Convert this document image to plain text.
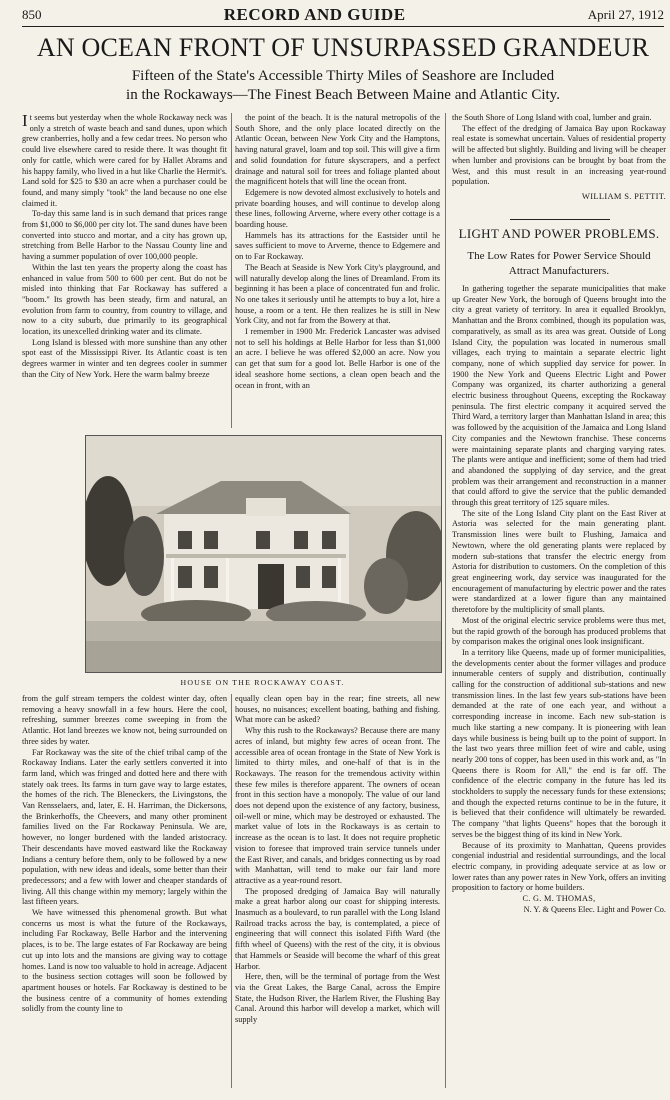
850	RECORD AND GUIDE	April 27, 1912
AN OCEAN FRONT OF UNSURPASSED GRANDEUR
Fifteen of the State's Accessible Thirty Miles of Seashore are Included
in the Rockaways—The Finest Beach Between Maine and Atlantic City.

It seems but yesterday when the whole Rockaway neck was only a stretch of waste beach and sand dunes, upon which grew cranberries, holly and a few cedar trees. No person who could live elsewhere cared to reside there. It was thought fit only for cattle, which were cared for by Hallet Abrams and his happy family, who lived in a hut like Charlie the Hermit's. Land sold for $25 to $30 an acre when a purchaser could be found, and many simply "took" the land because no one else claimed it.

To-day this same land is in such demand that prices range from $1,000 to $6,000 per city lot. The sand dunes have been converted into stucco and mortar, and a city has grown up, stretching from Belle Harbor to the Nassau County line and having a summer population of over 100,000 people.

Within the last ten years the property along the coast has enhanced in value from 500 to 600 per cent. But do not be misled into thinking that Far Rockaway has suffered a "boom." Its growth has been steady, firm and natural, an evolution from farm to country, from country to village, and now to a city suburb, due primarily to its geographical location, its unexcelled drinking water and its climate.

Long Island is blessed with more sunshine than any other spot east of the Mississippi River. Its Atlantic coast is ten degrees warmer in winter and ten degrees cooler in summer than the City of New York. Here the warm balmy breeze

the point of the beach. It is the natural metropolis of the South Shore, and the only place located directly on the Atlantic Ocean, between New York City and the Hamptons, having natural gravel, loam and top soil. This will give a firm and solid foundation for future skyscrapers, and a perfect drainage and natural soil for trees and foliage planted about the magnificent hotels that will line the ocean front.

Edgemere is now devoted almost exclusively to hotels and private boarding houses, and will continue to develop along these lines, following Arverne, where every other cottage is a boarding house.

Hammels has its attractions for the Eastsider until he saves sufficient to move to Arverne, thence to Edgemere and on to Far Rockaway.

The Beach at Seaside is New York City's playground, and will naturally develop along the lines of Dreamland. From its beginning it has been a place of concentrated fun and frolic. No one takes it seriously until he attempts to buy a lot, hire a house, a room or a tent. He then realizes he is still in New York City, and not far from the Bowery at that.

I remember in 1900 Mr. Frederick Lancaster was advised not to sell his holdings at Belle Harbor for less than $1,000 an acre. I believe he was offered $2,000 an acre. Now you can get that sum for a good lot. Belle Harbor is one of the ideal seashore home sections, a clean open beach and the ocean in front, with an

HOUSE ON THE ROCKAWAY COAST.

from the gulf stream tempers the coldest winter day, often removing a heavy snowfall in a few hours. Here the cool, refreshing, summer breezes come sweeping in from the Atlantic. Hot land breezes we know not, being surrounded on three sides by water.

Far Rockaway was the site of the chief tribal camp of the Rockaway Indians. Later the early settlers converted it into farm land, which was fringed and dotted here and there with stately oak trees. Its farms in turn gave way to large estates, the homes of the rich. The Bleneckers, the Livingstons, the Van Rensselaers, and, later, E. H. Harriman, the Dickersons, the Brinkerhoffs, the Cheevers, and many other prominent families lived on the Far Rockaway Peninsula. We are, however, no longer burdened with the landed aristocracy. Their descendants have moved eastward like the Rockaway Indians a century before them, only to be followed by a new population, with new ideas and ideals, some better than their predecessors; and a few with lower and cheaper standards of living. All this change within my memory; largely within the last fifteen years.

We have witnessed this phenomenal growth. But what concerns us most is what the future of the Rockaways, including Far Rockaway, Belle Harbor and the intervening places, is to be. The large estates of Far Rockaway are being cut up into lots and the mansions are giving way to cottage homes. Land is now too valuable to hold in acreage. Adjacent to the business section cottages will soon be followed by apartment houses or hotels. Far Rockaway is destined to be the business centre of a community of homes extending solidly from the county line to

equally clean open bay in the rear; fine streets, all new houses, no nuisances; excellent boating, bathing and fishing. What more can be asked?

Why this rush to the Rockaways? Because there are many acres of inland, but mighty few acres of ocean front. The accessible area of ocean frontage in the State of New York is limited to thirty miles, and one-half of that is in the Rockaways. The reason for the tremendous activity within these few miles is therefore apparent. The owners of ocean front in this section have a monopoly. The value of our land does not depend upon the existence of any factory, business, oil-well or mine, which may be destroyed or exhausted. The market value of lots in the Rockaways is as certain to increase as the ocean is to last. It does not require prophetic vision to foresee that improved train service tunnels under the East River, and canals, and bridges connecting us by road with Manhattan, will tend to make our fair land more attractive as a year-round resort.

The proposed dredging of Jamaica Bay will naturally make a great harbor along our coast for shipping interests. Inasmuch as a boulevard, to run parallel with the Long Island Railroad tracks across the bay, is contemplated, a piece of engineering that will connect this isolated Fifth Ward (the fifth wheel of Queens) with the rest of the city, it is obvious that Hammels or Seaside will become the wharf of this great Harbor.

Here, then, will be the terminal of portage from the West via the Great Lakes, the Barge Canal, across the Empire State, the Hudson River, the Harlem River, the Flushing Bay Canal. Around this harbor will develop a market, which will supply

the South Shore of Long Island with coal, lumber and grain.

The effect of the dredging of Jamaica Bay upon Rockaway real estate is somewhat uncertain. Values of residential property will be affected but slightly. Building and living will be cheaper when lumber and provisions can be brought by boat from the West, and this must result in an increasing year-round population.

WILLIAM S. PETTIT.

LIGHT AND POWER PROBLEMS.
The Low Rates for Power Service Should
Attract Manufacturers.

In gathering together the separate municipalities that make up Greater New York, the borough of Queens brought into the city a great variety of territory. In area it equalled Brooklyn, Manhattan and the Bronx combined, though its population was, comparatively, as small as its area was great. Outside of Long Island City, the population was located in numerous small villages, each trying to maintain a separate electric light company, none of which supplied day service for power. In 1900 the New York and Queens Electric Light and Power Company was organized, its charter authorizing a general electric business throughout Queens, excepting the Rockaway peninsula. The first electric company it acquired served the Third Ward, a territory larger than Manhattan Island in area; this was followed by the acquisition of the Jamaica and Long Island City companies and the Newtown franchise. These concerns were maintaining separate plants and charging varying rates. The plants were antique and inefficient; some of them had tried and abandoned the supplying of day service, and the great problem was their arrangement and reconstruction in a manner that could afford to give the service that the public demanded through this great territory of 125 square miles.

The site of the Long Island City plant on the East River at Astoria was selected for the main generating plant. Transmission lines were built to Flushing, Jamaica and Newtown, where the old generating plants were replaced by modern sub-stations that transfer the electric energy from Astoria for distribution to customers. On the completion of this great engineering work, day service was inaugurated for the encouragement of manufacturing by electric power and the rates were standardized at a lower figure than any maintained theretofore by the multiplicity of small plants.

Most of the original electric service problems were thus met, but the rapid growth of the borough has produced problems that by comparison makes the original ones look insignificant.

In a territory like Queens, made up of former municipalities, the developments center about the former villages and produce innumerable centers of supply and distribution, continually calling for the construction of additional sub-stations and new transmission lines. In the last few years sub-stations have been demanded at the rate of one each year, and without a corresponding increase in income. Each new sub-station is much like starting a new company. It is pioneering with lean days while business is being built up to the point of support. In the last two years three million feet of wire and cable, using nearly 200 tons of copper, has been used in this work and, as "In Queens there is Room for All," the end is far off. The confidence of the electric company in the future has led its stockholders to supply the necessary funds for these extensions; and though the expected returns continue to be in the future, it is believed that their confidence will ultimately be rewarded. The company "that lights Queens" hopes that the borough it serves be the biggest thing of its kind in New York.

Because of its proximity to Manhattan, Queens provides congenial industrial and residential surroundings, and the local electric company, in providing adequate service at as low or lower rates than any power rates in New York, offers an inviting proposition to factory or home builders.

C. G. M. THOMAS,

N. Y. & Queens Elec. Light and Power Co.
